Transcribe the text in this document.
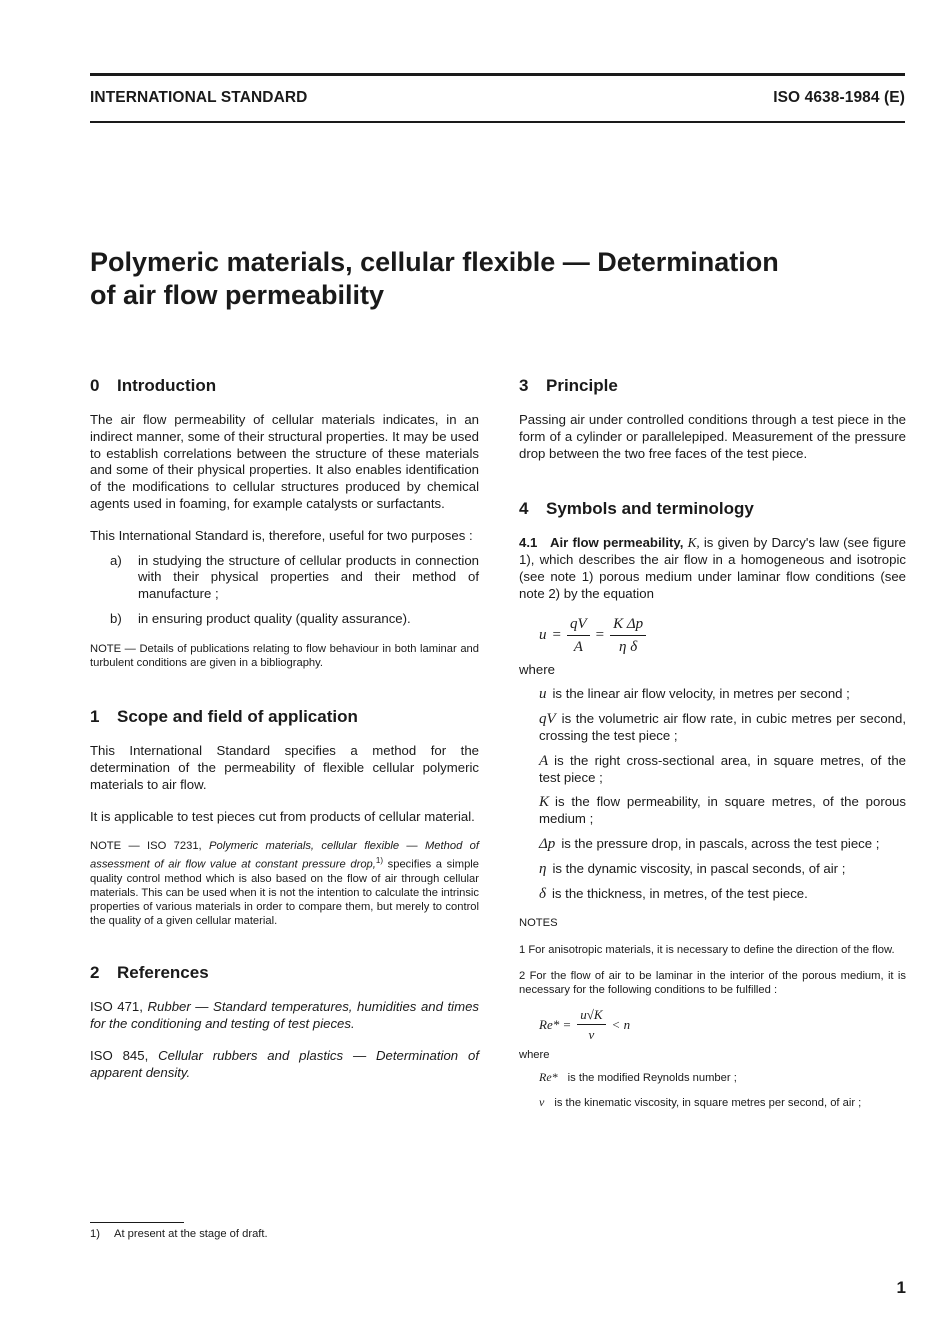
INTERNATIONAL STANDARD	ISO 4638-1984 (E)
Polymeric materials, cellular flexible — Determination
of air flow permeability
0 Introduction

The air flow permeability of cellular materials indicates, in an indirect manner, some of their structural properties. It may be used to establish correlations between the structure of these materials and some of their physical properties. It also enables identification of the modifications to cellular structures produced by chemical agents used in foaming, for example catalysts or surfactants.

This International Standard is, therefore, useful for two purposes :

a)	in studying the structure of cellular products in connection with their physical properties and their method of manufacture ;
b)	in ensuring product quality (quality assurance).

NOTE — Details of publications relating to flow behaviour in both laminar and turbulent conditions are given in a bibliography.

1 Scope and field of application

This International Standard specifies a method for the determination of the permeability of flexible cellular polymeric materials to air flow.

It is applicable to test pieces cut from products of cellular material.

NOTE — ISO 7231, Polymeric materials, cellular flexible — Method of assessment of air flow value at constant pressure drop,$^{1)}$ specifies a simple quality control method which is also based on the flow of air through cellular materials. This can be used when it is not the intention to calculate the intrinsic properties of various materials in order to compare them, but merely to control the quality of a given cellular material.

2 References

ISO 471, Rubber — Standard temperatures, humidities and times for the conditioning and testing of test pieces.

ISO 845, Cellular rubbers and plastics — Determination of apparent density.

3 Principle

Passing air under controlled conditions through a test piece in the form of a cylinder or parallelepiped. Measurement of the pressure drop between the two free faces of the test piece.

4 Symbols and terminology

4.1 Air flow permeability, K, is given by Darcy's law (see figure 1), which describes the air flow in a homogeneous and isotropic (see note 1) porous medium under laminar flow conditions (see note 2) by the equation

$u = \frac{qV}{A} = \frac{\text{K Δp}}{\text{η δ}}$

where

u is the linear air flow velocity, in metres per second ;
qV is the volumetric air flow rate, in cubic metres per second, crossing the test piece ;
A is the right cross-sectional area, in square metres, of the test piece ;
K is the flow permeability, in square metres, of the porous medium ;
Δp is the pressure drop, in pascals, across the test piece ;
η is the dynamic viscosity, in pascal seconds, of air ;
δ is the thickness, in metres, of the test piece.

NOTES

1 For anisotropic materials, it is necessary to define the direction of the flow.

2 For the flow of air to be laminar in the interior of the porous medium, it is necessary for the following conditions to be fulfilled :

$Re* = \frac{u√K}{\nu} < n$

where

Re* is the modified Reynolds number ;
ν is the kinematic viscosity, in square metres per second, of air ;
1) At present at the stage of draft.
1
